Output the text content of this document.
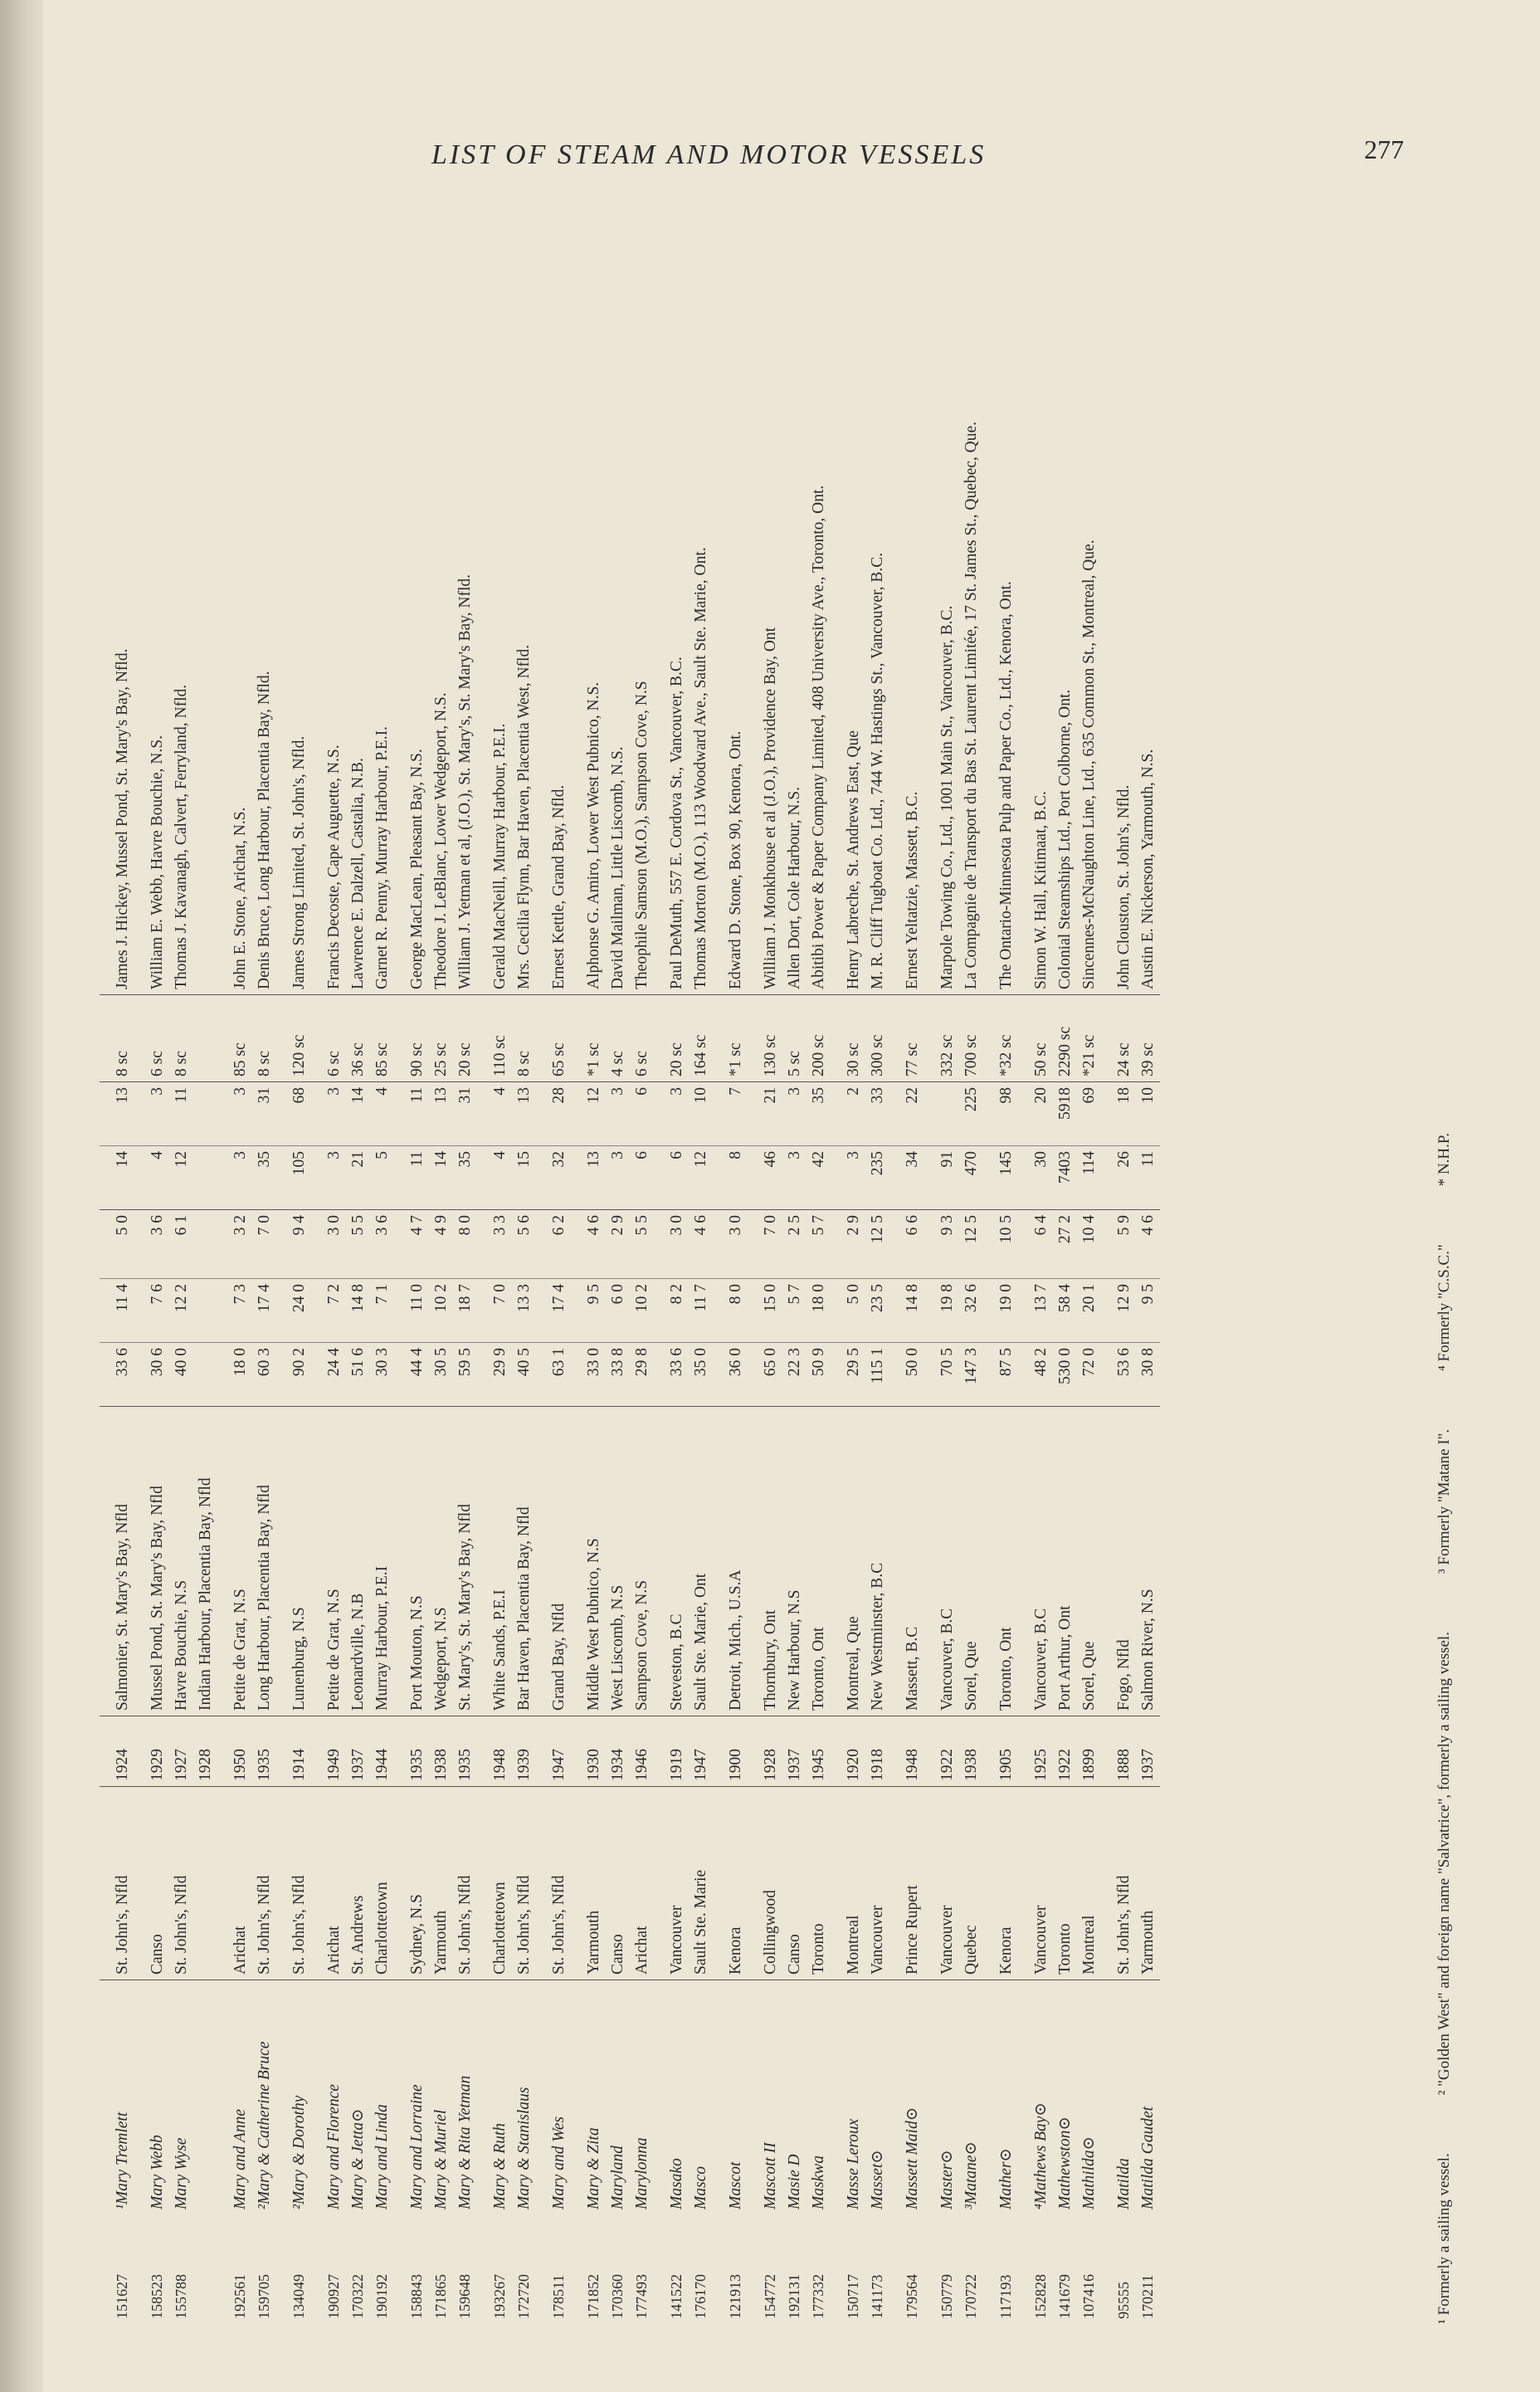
LIST OF STEAM AND MOTOR VESSELS	277
151627	¹Mary Tremlett	St. John's, Nfld	1924	Salmonier, St. Mary's Bay, Nfld	33 6	11 4	5 0	14	13	8 sc	James J. Hickey, Mussel Pond, St. Mary's Bay, Nfld.
158523	Mary Webb	Canso	1929	Mussel Pond, St. Mary's Bay, Nfld	30 6	7 6	3 6	4	3	6 sc	William E. Webb, Havre Bouchie, N.S.
155788	Mary Wyse	St. John's, Nfld	1927	Havre Bouchie, N.S	40 0	12 2	6 1	12	11	8 sc	Thomas J. Kavanagh, Calvert, Ferryland, Nfld.
			1928	Indian Harbour, Placentia Bay, Nfld							
192561	Mary and Anne	Arichat	1950	Petite de Grat, N.S	18 0	7 3	3 2	3	3	85 sc	John E. Stone, Arichat, N.S.
159705	²Mary & Catherine Bruce	St. John's, Nfld	1935	Long Harbour, Placentia Bay, Nfld	60 3	17 4	7 0	35	31	8 sc	Denis Bruce, Long Harbour, Placentia Bay, Nfld.
134049	²Mary & Dorothy	St. John's, Nfld	1914	Lunenburg, N.S	90 2	24 0	9 4	105	68	120 sc	James Strong Limited, St. John's, Nfld.
190927	Mary and Florence	Arichat	1949	Petite de Grat, N.S	24 4	7 2	3 0	3	3	6 sc	Francis Decoste, Cape Auguette, N.S.
170322	Mary & Jetta⊙	St. Andrews	1937	Leonardville, N.B	51 6	14 8	5 5	21	14	36 sc	Lawrence E. Dalzell, Castalia, N.B.
190192	Mary and Linda	Charlottetown	1944	Murray Harbour, P.E.I	30 3	7 1	3 6	5	4	85 sc	Garnet R. Penny, Murray Harbour, P.E.I.
158843	Mary and Lorraine	Sydney, N.S	1935	Port Mouton, N.S	44 4	11 0	4 7	11	11	90 sc	George MacLean, Pleasant Bay, N.S.
171865	Mary & Muriel	Yarmouth	1938	Wedgeport, N.S	30 5	10 2	4 9	14	13	25 sc	Theodore J. LeBlanc, Lower Wedgeport, N.S.
159648	Mary & Rita Yetman	St. John's, Nfld	1935	St. Mary's, St. Mary's Bay, Nfld	59 5	18 7	8 0	35	31	20 sc	William J. Yetman et al, (J.O.), St. Mary's, St. Mary's Bay, Nfld.
193267	Mary & Ruth	Charlottetown	1948	White Sands, P.E.I	29 9	7 0	3 3	4	4	110 sc	Gerald MacNeill, Murray Harbour, P.E.I.
172720	Mary & Stanislaus	St. John's, Nfld	1939	Bar Haven, Placentia Bay, Nfld	40 5	13 3	5 6	15	13	8 sc	Mrs. Cecilia Flynn, Bar Haven, Placentia West, Nfld.
178511	Mary and Wes	St. John's, Nfld	1947	Grand Bay, Nfld	63 1	17 4	6 2	32	28	65 sc	Ernest Kettle, Grand Bay, Nfld.
171852	Mary & Zita	Yarmouth	1930	Middle West Pubnico, N.S	33 0	9 5	4 6	13	12	*1 sc	Alphonse G. Amiro, Lower West Pubnico, N.S.
170360	Maryland	Canso	1934	West Liscomb, N.S	33 8	6 0	2 9	3	3	4 sc	David Mailman, Little Liscomb, N.S.
177493	Marylonna	Arichat	1946	Sampson Cove, N.S	29 8	10 2	5 5	6	6	6 sc	Theophile Samson (M.O.), Sampson Cove, N.S
141522	Masako	Vancouver	1919	Steveston, B.C	33 6	8 2	3 0	6	3	20 sc	Paul DeMuth, 557 E. Cordova St., Vancouver, B.C.
176170	Masco	Sault Ste. Marie	1947	Sault Ste. Marie, Ont	35 0	11 7	4 6	12	10	164 sc	Thomas Morton (M.O.), 113 Woodward Ave., Sault Ste. Marie, Ont.
121913	Mascot	Kenora	1900	Detroit, Mich., U.S.A	36 0	8 0	3 0	8	7	*1 sc	Edward D. Stone, Box 90, Kenora, Ont.
154772	Mascott II	Collingwood	1928	Thornbury, Ont	65 0	15 0	7 0	46	21	130 sc	William J. Monkhouse et al (J.O.), Providence Bay, Ont
192131	Masie D	Canso	1937	New Harbour, N.S	22 3	5 7	2 5	3	3	5 sc	Allen Dort, Cole Harbour, N.S.
177332	Maskwa	Toronto	1945	Toronto, Ont	50 9	18 0	5 7	42	35	200 sc	Abitibi Power & Paper Company Limited, 408 University Ave., Toronto, Ont.
150717	Masse Leroux	Montreal	1920	Montreal, Que	29 5	5 0	2 9	3	2	30 sc	Henry Labreche, St. Andrews East, Que
141173	Masset⊙	Vancouver	1918	New Westminster, B.C	115 1	23 5	12 5	235	33	300 sc	M. R. Cliff Tugboat Co. Ltd., 744 W. Hastings St., Vancouver, B.C.
179564	Massett Maid⊙	Prince Rupert	1948	Massett, B.C	50 0	14 8	6 6	34	22	77 sc	Ernest Yeltatzie, Massett, B.C.
150779	Master⊙	Vancouver	1922	Vancouver, B.C	70 5	19 8	9 3	91		332 sc	Marpole Towing Co., Ltd., 1001 Main St., Vancouver, B.C.
170722	³Matane⊙	Quebec	1938	Sorel, Que	147 3	32 6	12 5	470	225	700 sc	La Compagnie de Transport du Bas St. Laurent Limitée, 17 St. James St., Quebec, Que.
117193	Mather⊙	Kenora	1905	Toronto, Ont	87 5	19 0	10 5	145	98	*32 sc	The Ontario-Minnesota Pulp and Paper Co., Ltd., Kenora, Ont.
152828	⁴Mathews Bay⊙	Vancouver	1925	Vancouver, B.C	48 2	13 7	6 4	30	20	50 sc	Simon W. Hall, Kitimaat, B.C.
141679	Mathewston⊙	Toronto	1922	Port Arthur, Ont	530 0	58 4	27 2	7403	5918	2290 sc	Colonial Steamships Ltd., Port Colborne, Ont.
107416	Mathilda⊙	Montreal	1899	Sorel, Que	72 0	20 1	10 4	114	69	*21 sc	Sincennes-McNaughton Line, Ltd., 635 Common St., Montreal, Que.
95555	Matilda	St. John's, Nfld	1888	Fogo, Nfld	53 6	12 9	5 9	26	18	24 sc	John Clouston, St. John's, Nfld.
170211	Matilda Gaudet	Yarmouth	1937	Salmon River, N.S	30 8	9 5	4 6	11	10	39 sc	Austin E. Nickerson, Yarmouth, N.S.
¹ Formerly a sailing vessel.² "Golden West" and foreign name "Salvatrice", formerly a sailing vessel.³ Formerly "Matane I".⁴ Formerly "C.S.C."* N.H.P.
